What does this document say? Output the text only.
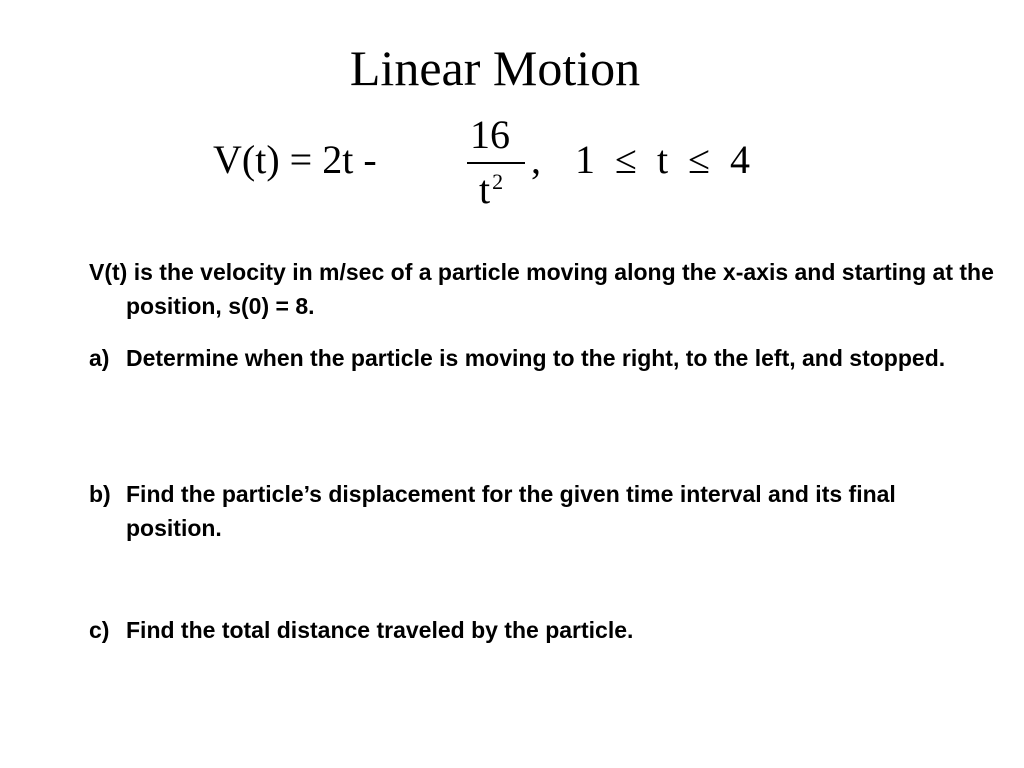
Linear Motion
V(t) = 2t -
16
$t^2$ , 1 ≤ t ≤ 4
V(t) is the velocity in m/sec of a particle moving along the x-axis and starting at the position, s(0) = 8.
a) Determine when the particle is moving to the right, to the left, and stopped.
b) Find the particle’s displacement for the given time interval and its final position.
c) Find the total distance traveled by the particle.
